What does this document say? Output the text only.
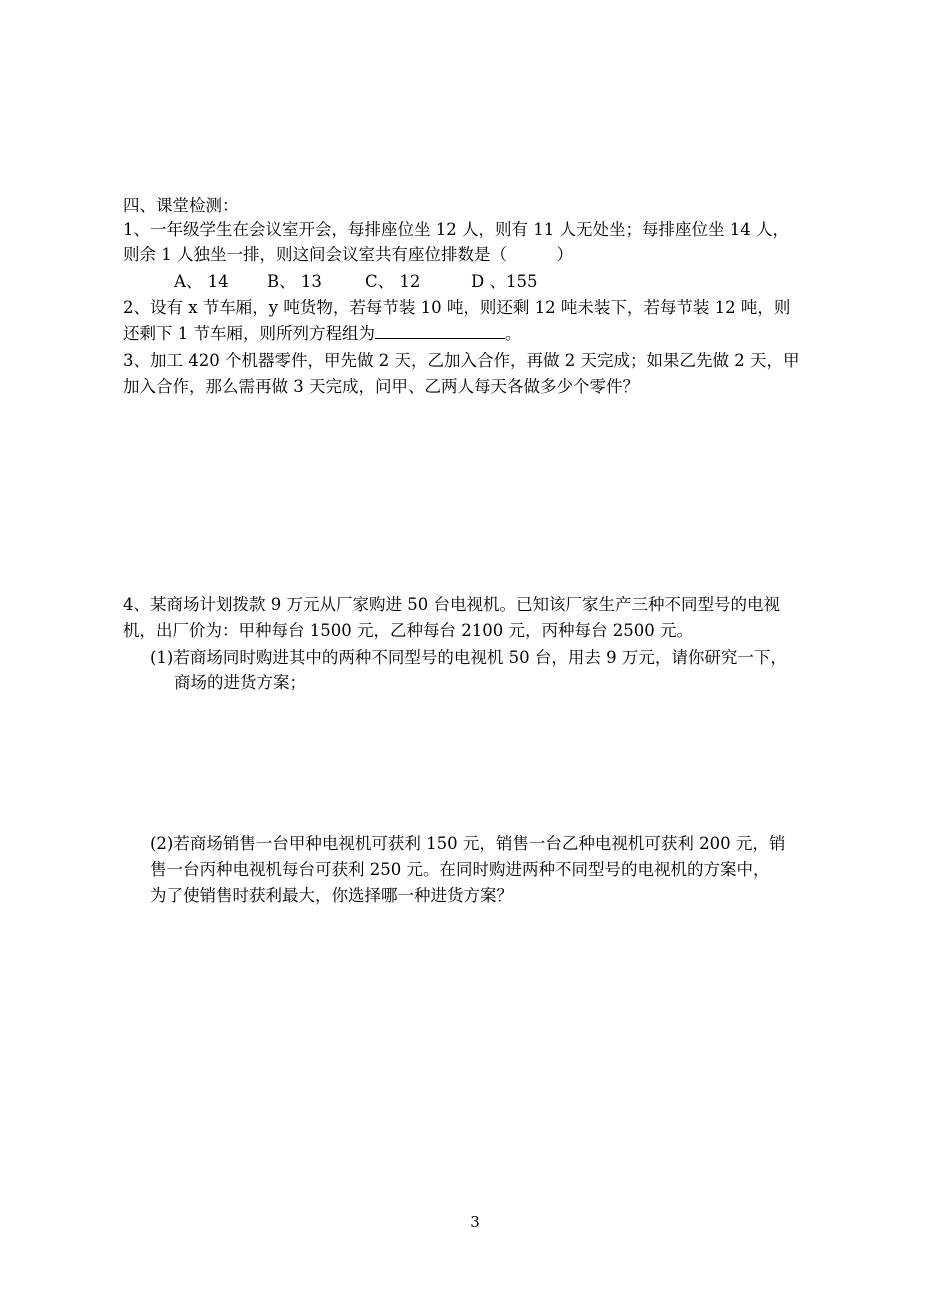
四、课堂检测：

1、一年级学生在会议室开会，每排座位坐 12 人，则有 11 人无处坐；每排座位坐 14 人，

则余 1 人独坐一排，则这间会议室共有座位排数是（　　　）

A、 14 B、 13	C、 12	D 、155

2、设有 x 节车厢，y 吨货物，若每节装 10 吨，则还剩 12 吨未装下，若每节装 12 吨，则

还剩下 1 节车厢，则所列方程组为	。

3、加工 420 个机器零件，甲先做 2 天，乙加入合作，再做 2 天完成；如果乙先做 2 天，甲

加入合作，那么需再做 3 天完成，问甲、乙两人每天各做多少个零件？

4、某商场计划拨款 9 万元从厂家购进 50 台电视机。已知该厂家生产三种不同型号的电视

机，出厂价为：甲种每台 1500 元，乙种每台 2100 元，丙种每台 2500 元。

(1)若商场同时购进其中的两种不同型号的电视机 50 台，用去 9 万元，请你研究一下，

商场的进货方案；

(2)若商场销售一台甲种电视机可获利 150 元，销售一台乙种电视机可获利 200 元，销

售一台丙种电视机每台可获利 250 元。在同时购进两种不同型号的电视机的方案中，

为了使销售时获利最大，你选择哪一种进货方案？

3
